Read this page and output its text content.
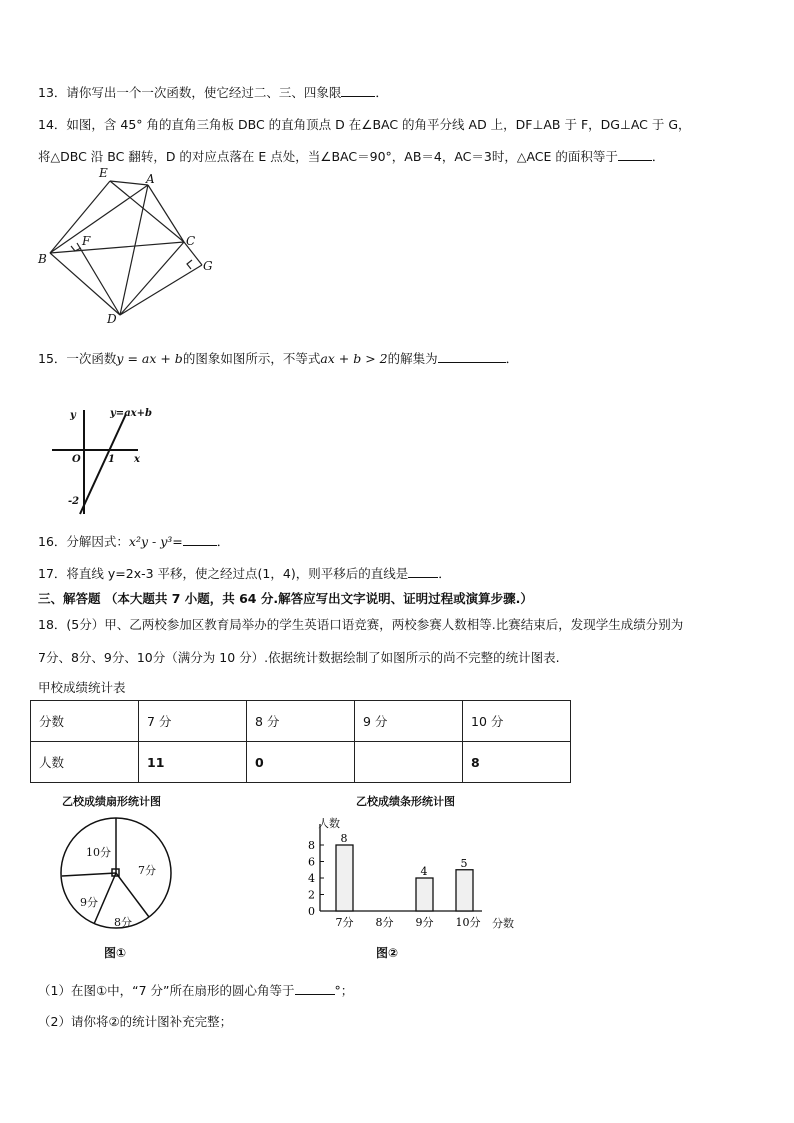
13．请你写出一个一次函数，使它经过二、三、四象限	．
14．如图，含 45° 角的直角三角板 DBC 的直角顶点 D 在∠BAC 的角平分线 AD 上，DF⊥AB 于 F，DG⊥AC 于 G，
将△DBC 沿 BC 翻转，D 的对应点落在 E 点处，当∠BAC＝90°，AB＝4，AC＝3时，△ACE 的面积等于	．
E	A
F	C
B	G
D
15．一次函数y = ax + b的图象如图所示，不等式ax + b > 2的解集为	．
y	y=ax+b
O	1 x
-2
16．分解因式：x²y - y³=	．
17．将直线 y=2x-3 平移，使之经过点(1，4)，则平移后的直线是 ．
三、解答题 （本大题共 7 小题，共 64 分.解答应写出文字说明、证明过程或演算步骤.）
18．(5分）甲、乙两校参加区教育局举办的学生英语口语竞赛，两校参赛人数相等.比赛结束后，发现学生成绩分别为
7分、8分、9分、10分（满分为 10 分）.依据统计数据绘制了如图所示的尚不完整的统计图表.
甲校成绩统计表
分数	7 分	8 分	9 分	10 分
人数	11	0		8
乙校成绩扇形统计图
10分
7分
9分
8分
图①
乙校成绩条形统计图
0
2
4
6
8
8
7分 8分
4
9分
5
10分
人数
分数
图②
（1）在图①中，“7 分”所在扇形的圆心角等于	°；
（2）请你将②的统计图补充完整；
